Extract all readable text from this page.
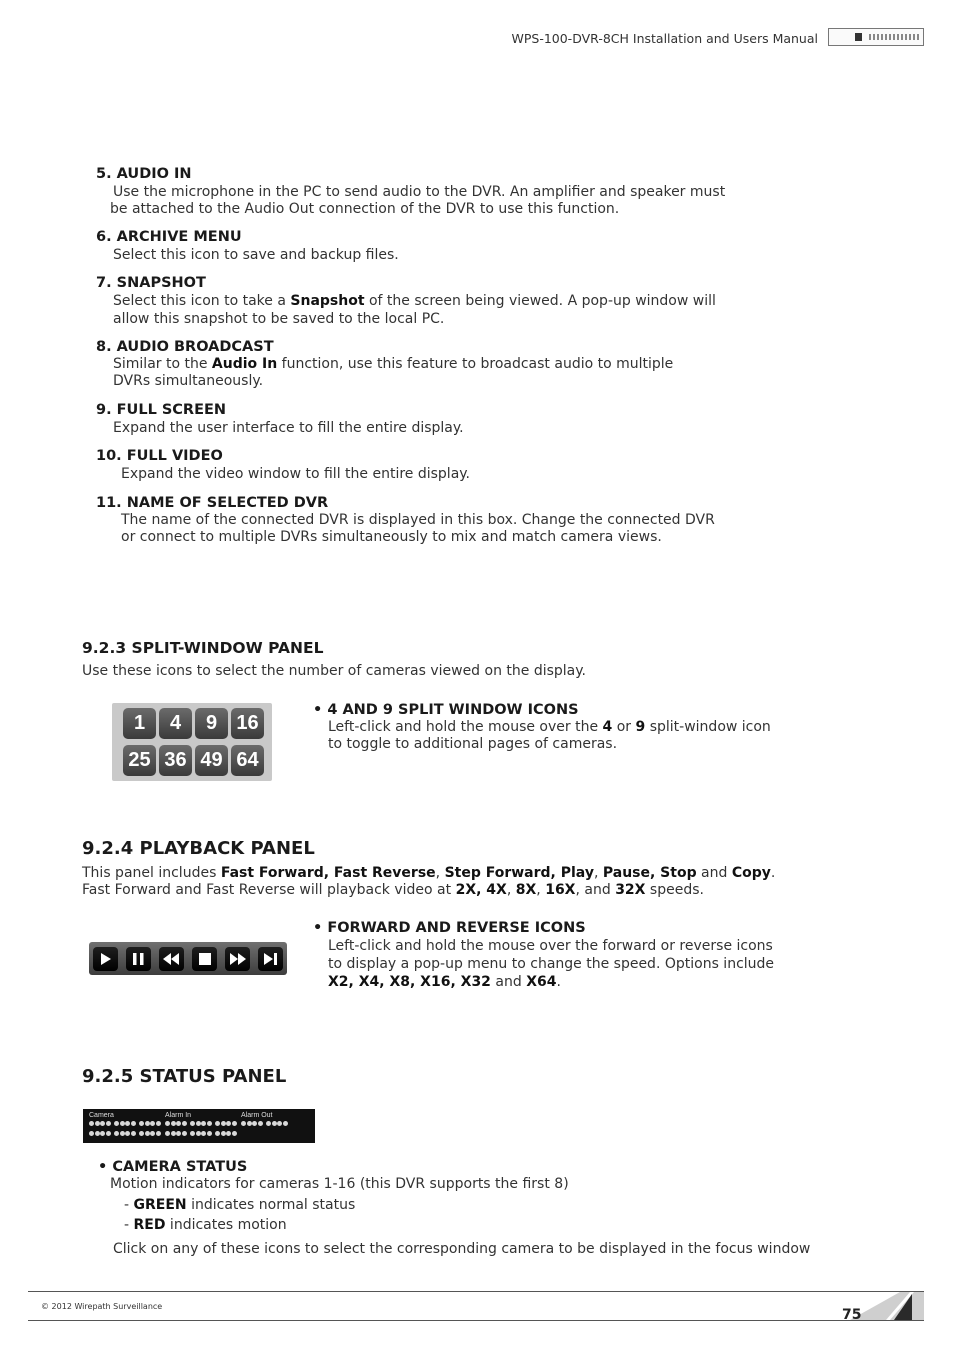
WPS-100-DVR-8CH Installation and Users Manual
5. AUDIO IN
Use the microphone in the PC to send audio to the DVR. An amplifier and speaker must
be attached to the Audio Out connection of the DVR to use this function.
6. ARCHIVE MENU
Select this icon to save and backup files.
7. SNAPSHOT
Select this icon to take a Snapshot of the screen being viewed. A pop-up window will
allow this snapshot to be saved to the local PC.
8. AUDIO BROADCAST
Similar to the Audio In function, use this feature to broadcast audio to multiple
DVRs simultaneously.
9. FULL SCREEN
Expand the user interface to fill the entire display.
10. FULL VIDEO
Expand the video window to fill the entire display.
11. NAME OF SELECTED DVR
The name of the connected DVR is displayed in this box. Change the connected DVR
or connect to multiple DVRs simultaneously to mix and match camera views.
9.2.3 SPLIT-WINDOW PANEL
Use these icons to select the number of cameras viewed on the display.
1	4	9 16
25 36 49 64
• 4 AND 9 SPLIT WINDOW ICONS
Left-click and hold the mouse over the 4 or 9 split-window icon
to toggle to additional pages of cameras.
9.2.4 PLAYBACK PANEL
This panel includes Fast Forward, Fast Reverse, Step Forward, Play, Pause, Stop and Copy.
Fast Forward and Fast Reverse will playback video at 2X, 4X, 8X, 16X, and 32X speeds.
• FORWARD AND REVERSE ICONS
Left-click and hold the mouse over the forward or reverse icons
to display a pop-up menu to change the speed. Options include
X2, X4, X8, X16, X32 and X64.
9.2.5 STATUS PANEL
Camera	Alarm In	Alarm Out
• CAMERA STATUS
Motion indicators for cameras 1-16 (this DVR supports the first 8)
- GREEN indicates normal status
- RED indicates motion
Click on any of these icons to select the corresponding camera to be displayed in the focus window
© 2012 Wirepath Surveillance
75
